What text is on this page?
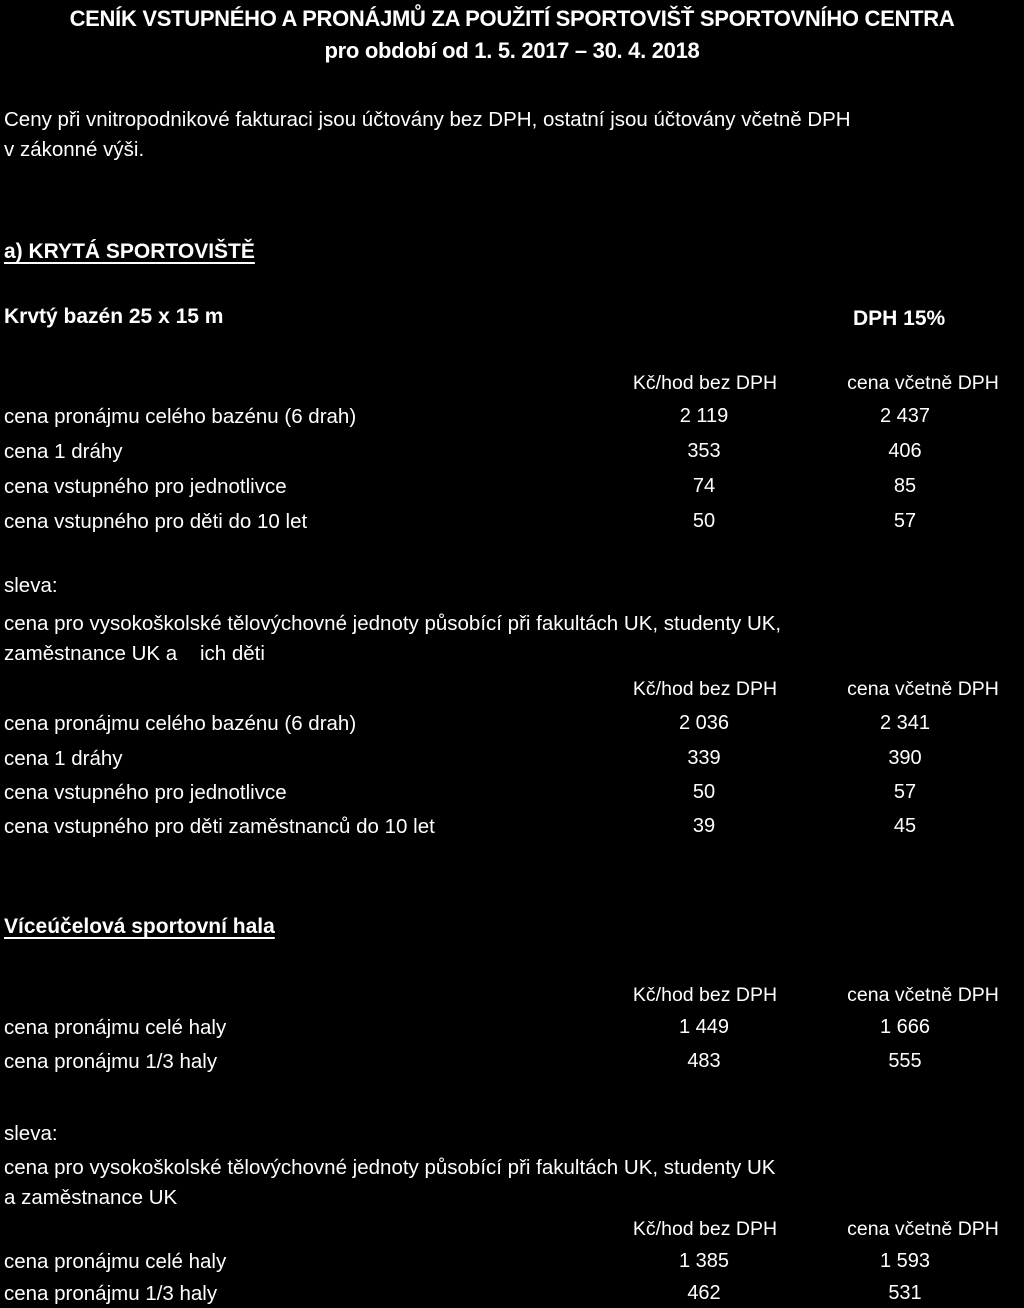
CENÍK VSTUPNÉHO A PRONÁJMŮ ZA POUŽITÍ SPORTOVIŠŤ SPORTOVNÍHO CENTRA
pro období od 1. 5. 2017 – 30. 4. 2018
Ceny při vnitropodnikové fakturaci jsou účtovány bez DPH, ostatní jsou účtovány včetně DPH
v zákonné výši.
a) KRYTÁ SPORTOVIŠTĚ
Krvtý bazén 25 x 15 m	DPH 15%
Kč/hod bez DPH	cena včetně DPH
cena pronájmu celého bazénu (6 drah)	2 119	2 437
cena 1 dráhy	353	406
cena vstupného pro jednotlivce	74	85
cena vstupného pro děti do 10 let	50	57
sleva:
cena pro vysokoškolské tělovýchovné jednoty působící při fakultách UK, studenty UK,
zaměstnance UK a    ich děti
Kč/hod bez DPH	cena včetně DPH
cena pronájmu celého bazénu (6 drah)	2 036	2 341
cena 1 dráhy	339	390
cena vstupného pro jednotlivce	50	57
cena vstupného pro děti zaměstnanců do 10 let	39	45
Víceúčelová sportovní hala
Kč/hod bez DPH	cena včetně DPH
cena pronájmu celé haly	1 449	1 666
cena pronájmu 1/3 haly	483	555
sleva:
cena pro vysokoškolské tělovýchovné jednoty působící při fakultách UK, studenty UK
a zaměstnance UK
Kč/hod bez DPH	cena včetně DPH
cena pronájmu celé haly	1 385	1 593
cena pronájmu 1/3 haly	462	531
